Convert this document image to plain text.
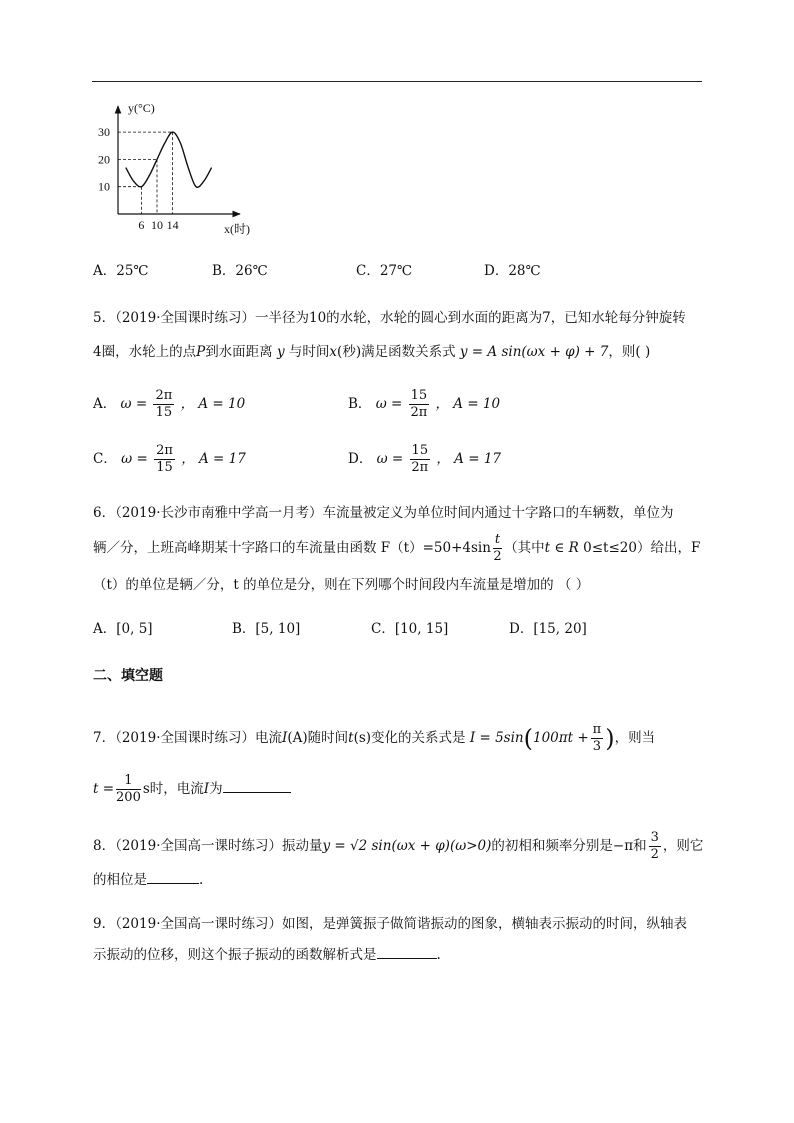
y(°C)
x(时)
10
20
30
6 10 14
A．25℃	B．26℃	C．27℃	D．28℃
5．（2019·全国课时练习）一半径为10的水轮，水轮的圆心到水面的距离为7，已知水轮每分钟旋转
4圈，水轮上的点P到水面距离 y 与时间x(秒)满足函数关系式 y = A sin(ωx + φ) + 7，则( )
A． $\omega = \frac{2\pi}{15}$ ， A = 10	B． $\omega = \frac{15}{2\pi}$ ， A = 10
C． $\omega = \frac{2\pi}{15}$ ， A = 17	D． $\omega = \frac{15}{2\pi}$ ， A = 17
6．（2019·长沙市南雅中学高一月考）车流量被定义为单位时间内通过十字路口的车辆数，单位为
辆／分，上班高峰期某十字路口的车流量由函数 $F(t)=50+4\sin \frac{t}{2}$ （其中t ∈ R 0≤t≤20）给出，F
（t）的单位是辆／分，t 的单位是分，则在下列哪个时间段内车流量是增加的 （ ）
A．[0, 5]	B．[5, 10]	C．[10, 15]	D．[15, 20]
二、填空题
7．（2019·全国课时练习）电流I(A)随时间t(s)变化的关系式是 $I = 5\sin(100\pi t + \frac{\pi}{3}$ )，则当
$t = \frac{1}{200}$ s时，电流I为
8．（2019·全国高一课时练习）振动量y = √2 sin(ωx + φ)(ω>0)的初相和频率分别是−π和 $\frac{3}{2}$ ，则它
的相位是	.
9．（2019·全国高一课时练习）如图，是弹簧振子做简谐振动的图象，横轴表示振动的时间，纵轴表
示振动的位移，则这个振子振动的函数解析式是	.
